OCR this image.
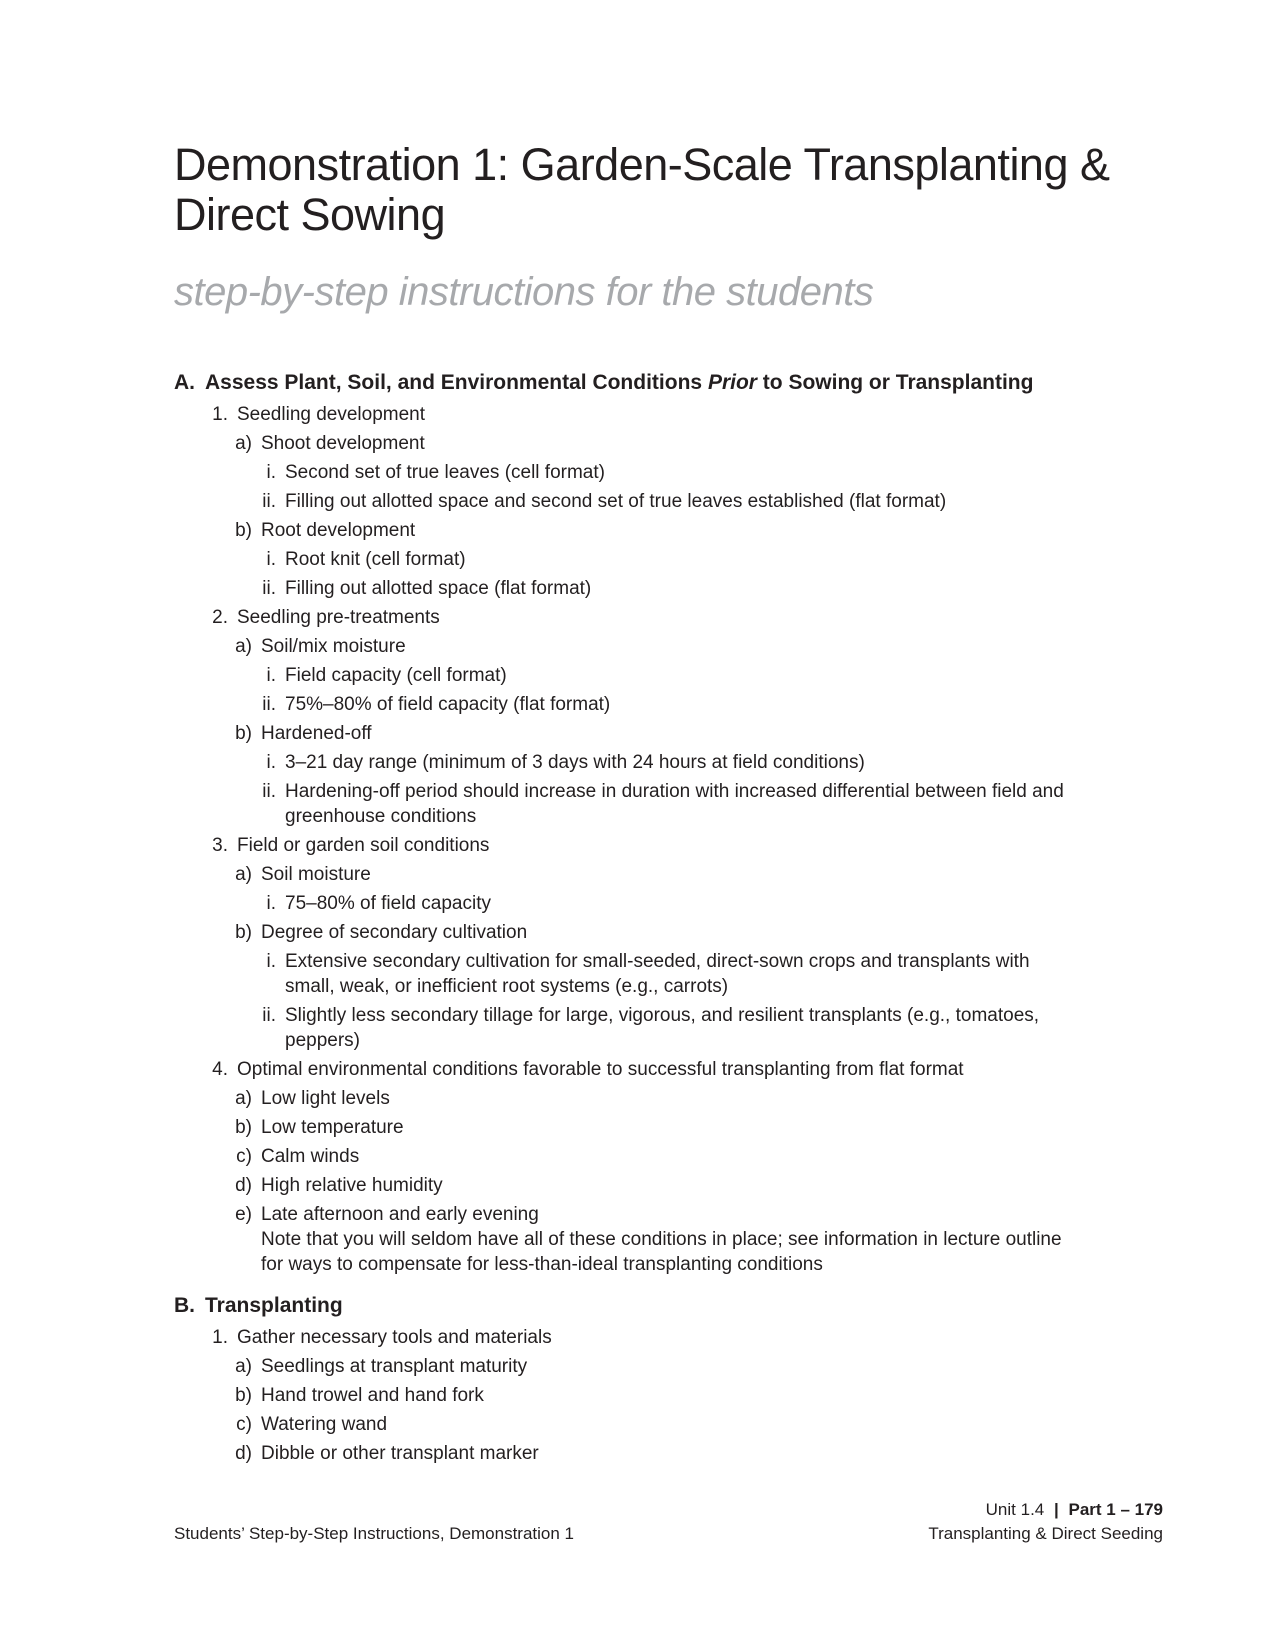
Demonstration 1: Garden-Scale Transplanting & Direct Sowing
step-by-step instructions for the students
A. Assess Plant, Soil, and Environmental Conditions Prior to Sowing or Transplanting
1. Seedling development
a) Shoot development
i. Second set of true leaves (cell format)
ii. Filling out allotted space and second set of true leaves established (flat format)
b) Root development
i. Root knit (cell format)
ii. Filling out allotted space (flat format)
2. Seedling pre-treatments
a) Soil/mix moisture
i. Field capacity (cell format)
ii. 75%–80% of field capacity (flat format)
b) Hardened-off
i. 3–21 day range (minimum of 3 days with 24 hours at field conditions)
ii. Hardening-off period should increase in duration with increased differential between field and greenhouse conditions
3. Field or garden soil conditions
a) Soil moisture
i. 75–80% of field capacity
b) Degree of secondary cultivation
i. Extensive secondary cultivation for small-seeded, direct-sown crops and transplants with small, weak, or inefficient root systems (e.g., carrots)
ii. Slightly less secondary tillage for large, vigorous, and resilient transplants (e.g., tomatoes, peppers)
4. Optimal environmental conditions favorable to successful transplanting from flat format
a) Low light levels
b) Low temperature
c) Calm winds
d) High relative humidity
e) Late afternoon and early evening
Note that you will seldom have all of these conditions in place; see information in lecture outline for ways to compensate for less-than-ideal transplanting conditions
B. Transplanting
1. Gather necessary tools and materials
a) Seedlings at transplant maturity
b) Hand trowel and hand fork
c) Watering wand
d) Dibble or other transplant marker
Students’ Step-by-Step Instructions, Demonstration 1
Unit 1.4 | Part 1 – 179
Transplanting & Direct Seeding
